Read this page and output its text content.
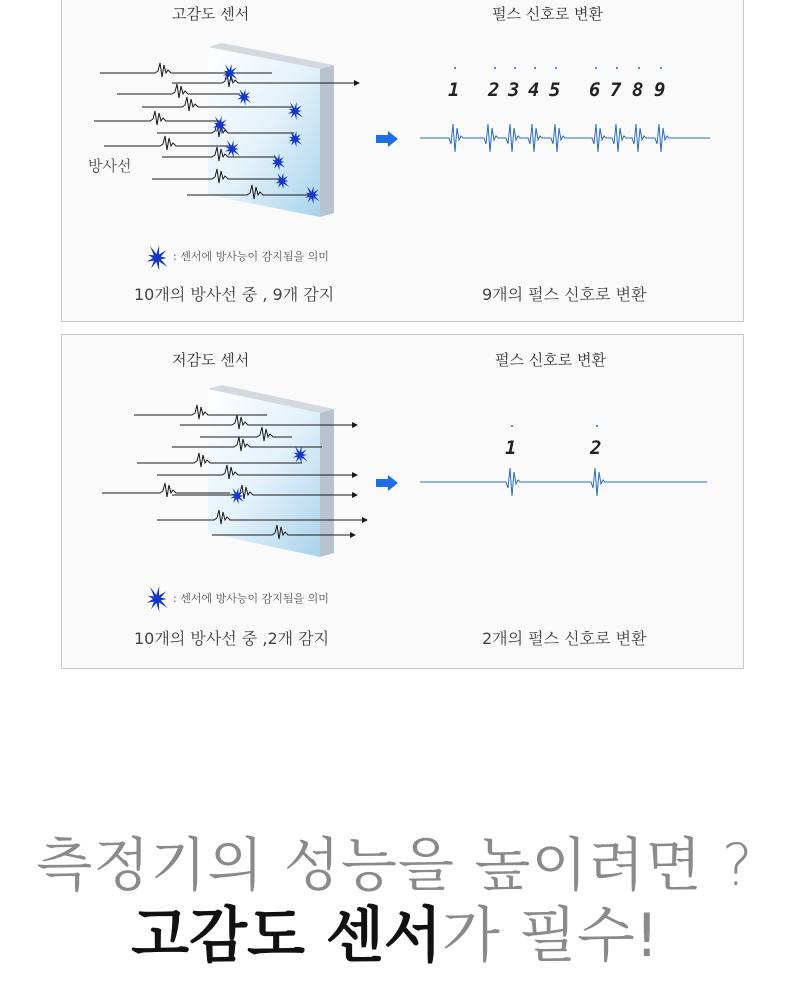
고감도 센서	펄스 신호로 변환
방사선
: 센서에 방사능이 감지됨을 의미
10개의 방사선 중 , 9개 감지	9개의 펄스 신호로 변환
1 2 3 4 5 6 7 8 9
저감도 센서	펄스 신호로 변환
: 센서에 방사능이 감지됨을 의미
10개의 방사선 중 ,2개 감지	2개의 펄스 신호로 변환
1	2
측정기의 성능을 높이려면 ?
고감도 센서가 필수!
